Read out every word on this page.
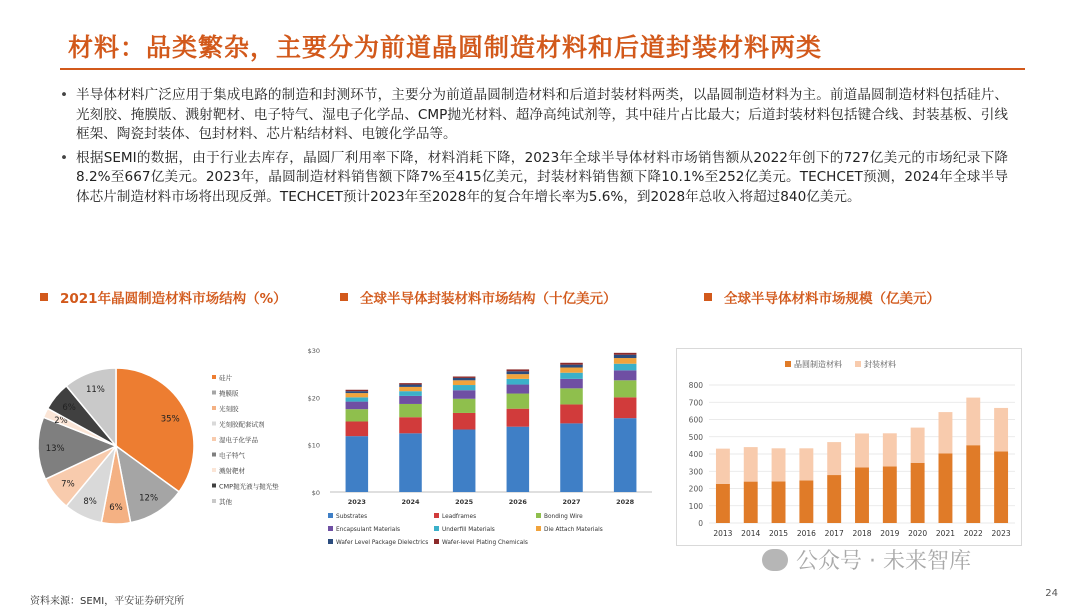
材料：品类繁杂，主要分为前道晶圆制造材料和后道封装材料两类
• 半导体材料广泛应用于集成电路的制造和封测环节，主要分为前道晶圆制造材料和后道封装材料两类，以晶圆制造材料为主。前道晶圆制造材料包括硅片、光刻胶、掩膜版、溅射靶材、电子特气、湿电子化学品、CMP抛光材料、超净高纯试剂等，其中硅片占比最大；后道封装材料包括键合线、封装基板、引线框架、陶瓷封装体、包封材料、芯片粘结材料、电镀化学品等。
• 根据SEMI的数据，由于行业去库存，晶圆厂利用率下降，材料消耗下降，2023年全球半导体材料市场销售额从2022年创下的727亿美元的市场纪录下降8.2%至667亿美元。2023年，晶圆制造材料销售额下降7%至415亿美元，封装材料销售额下降10.1%至252亿美元。TECHCET预测，2024年全球半导体芯片制造材料市场将出现反弹。TECHCET预计2023年至2028年的复合年增长率为5.6%，到2028年总收入将超过840亿美元。
2021年晶圆制造材料市场结构（%）	全球半导体封装材料市场结构（十亿美元）	全球半导体材料市场规模（亿美元）
35%
12%
6%
8%
7%
13%
2%
6%
11%
硅片
掩膜版
光刻胶
光刻胶配套试剂
湿电子化学品
电子特气
溅射靶材
CMP抛光液与抛光垫
其他
$0
$10
$20
$30
2023	2024	2025	2026	2027	2028
Substrates	Leadframes	Bonding Wire
Encapsulant Materials	Underfill Materials	Die Attach Materials
Wafer Level Package Dielectrics Wafer-level Plating Chemicals
0
100
200
300
400
500
600
700
800
2013 2014 2015 2016 2017 2018 2019 2020 2021 2022 2023
晶圆制造材料	封装材料
公众号 · 未来智库
资料来源：SEMI，平安证券研究所
24
